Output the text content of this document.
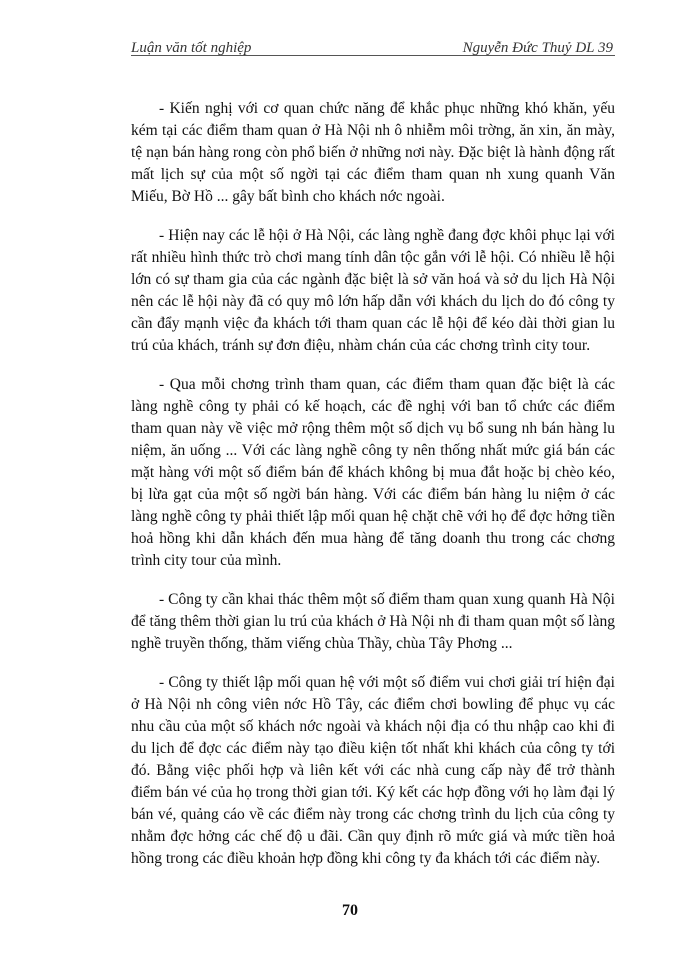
Luận văn tốt nghiệp	Nguyễn Đức Thuỷ DL 39

- Kiến nghị với cơ quan chức năng để khắc phục những khó khăn, yếu kém tại các điểm tham quan ở Hà Nội nh ô nhiễm môi trờng, ăn xin, ăn mày, tệ nạn bán hàng rong còn phổ biến ở những nơi này. Đặc biệt là hành động rất mất lịch sự của một số ngời tại các điểm tham quan nh xung quanh Văn Miếu, Bờ Hồ ... gây bất bình cho khách nớc ngoài.

- Hiện nay các lễ hội ở Hà Nội, các làng nghề đang đợc khôi phục lại với rất nhiều hình thức trò chơi mang tính dân tộc gắn với lễ hội. Có nhiều lễ hội lớn có sự tham gia của các ngành đặc biệt là sở văn hoá và sở du lịch Hà Nội nên các lễ hội này đã có quy mô lớn hấp dẫn với khách du lịch do đó công ty cần đẩy mạnh việc đa khách tới tham quan các lễ hội để kéo dài thời gian lu trú của khách, tránh sự đơn điệu, nhàm chán của các chơng trình city tour.

- Qua mỗi chơng trình tham quan, các điểm tham quan đặc biệt là các làng nghề công ty phải có kế hoạch, các đề nghị với ban tổ chức các điểm tham quan này về việc mở rộng thêm một số dịch vụ bổ sung nh bán hàng lu niệm, ăn uống ... Với các làng nghề công ty nên thống nhất mức giá bán các mặt hàng với một số điểm bán để khách không bị mua đắt hoặc bị chèo kéo, bị lừa gạt của một số ngời bán hàng. Với các điểm bán hàng lu niệm ở các làng nghề công ty phải thiết lập mối quan hệ chặt chẽ với họ để đợc hởng tiền hoả hồng khi dẫn khách đến mua hàng để tăng doanh thu trong các chơng trình city tour của mình.

- Công ty cần khai thác thêm một số điểm tham quan xung quanh Hà Nội để tăng thêm thời gian lu trú của khách ở Hà Nội nh đi tham quan một số làng nghề truyền thống, thăm viếng chùa Thầy, chùa Tây Phơng ...

- Công ty thiết lập mối quan hệ với một số điểm vui chơi giải trí hiện đại ở Hà Nội nh công viên nớc Hồ Tây, các điểm chơi bowling để phục vụ các nhu cầu của một số khách nớc ngoài và khách nội địa có thu nhập cao khi đi du lịch để đợc các điểm này tạo điều kiện tốt nhất khi khách của công ty tới đó. Bằng việc phối hợp và liên kết với các nhà cung cấp này để trở thành điểm bán vé của họ trong thời gian tới. Ký kết các hợp đồng với họ làm đại lý bán vé, quảng cáo về các điểm này trong các chơng trình du lịch của công ty nhằm đợc hởng các chế độ u đãi. Cần quy định rõ mức giá và mức tiền hoả hồng trong các điều khoản hợp đồng khi công ty đa khách tới các điểm này.

70
